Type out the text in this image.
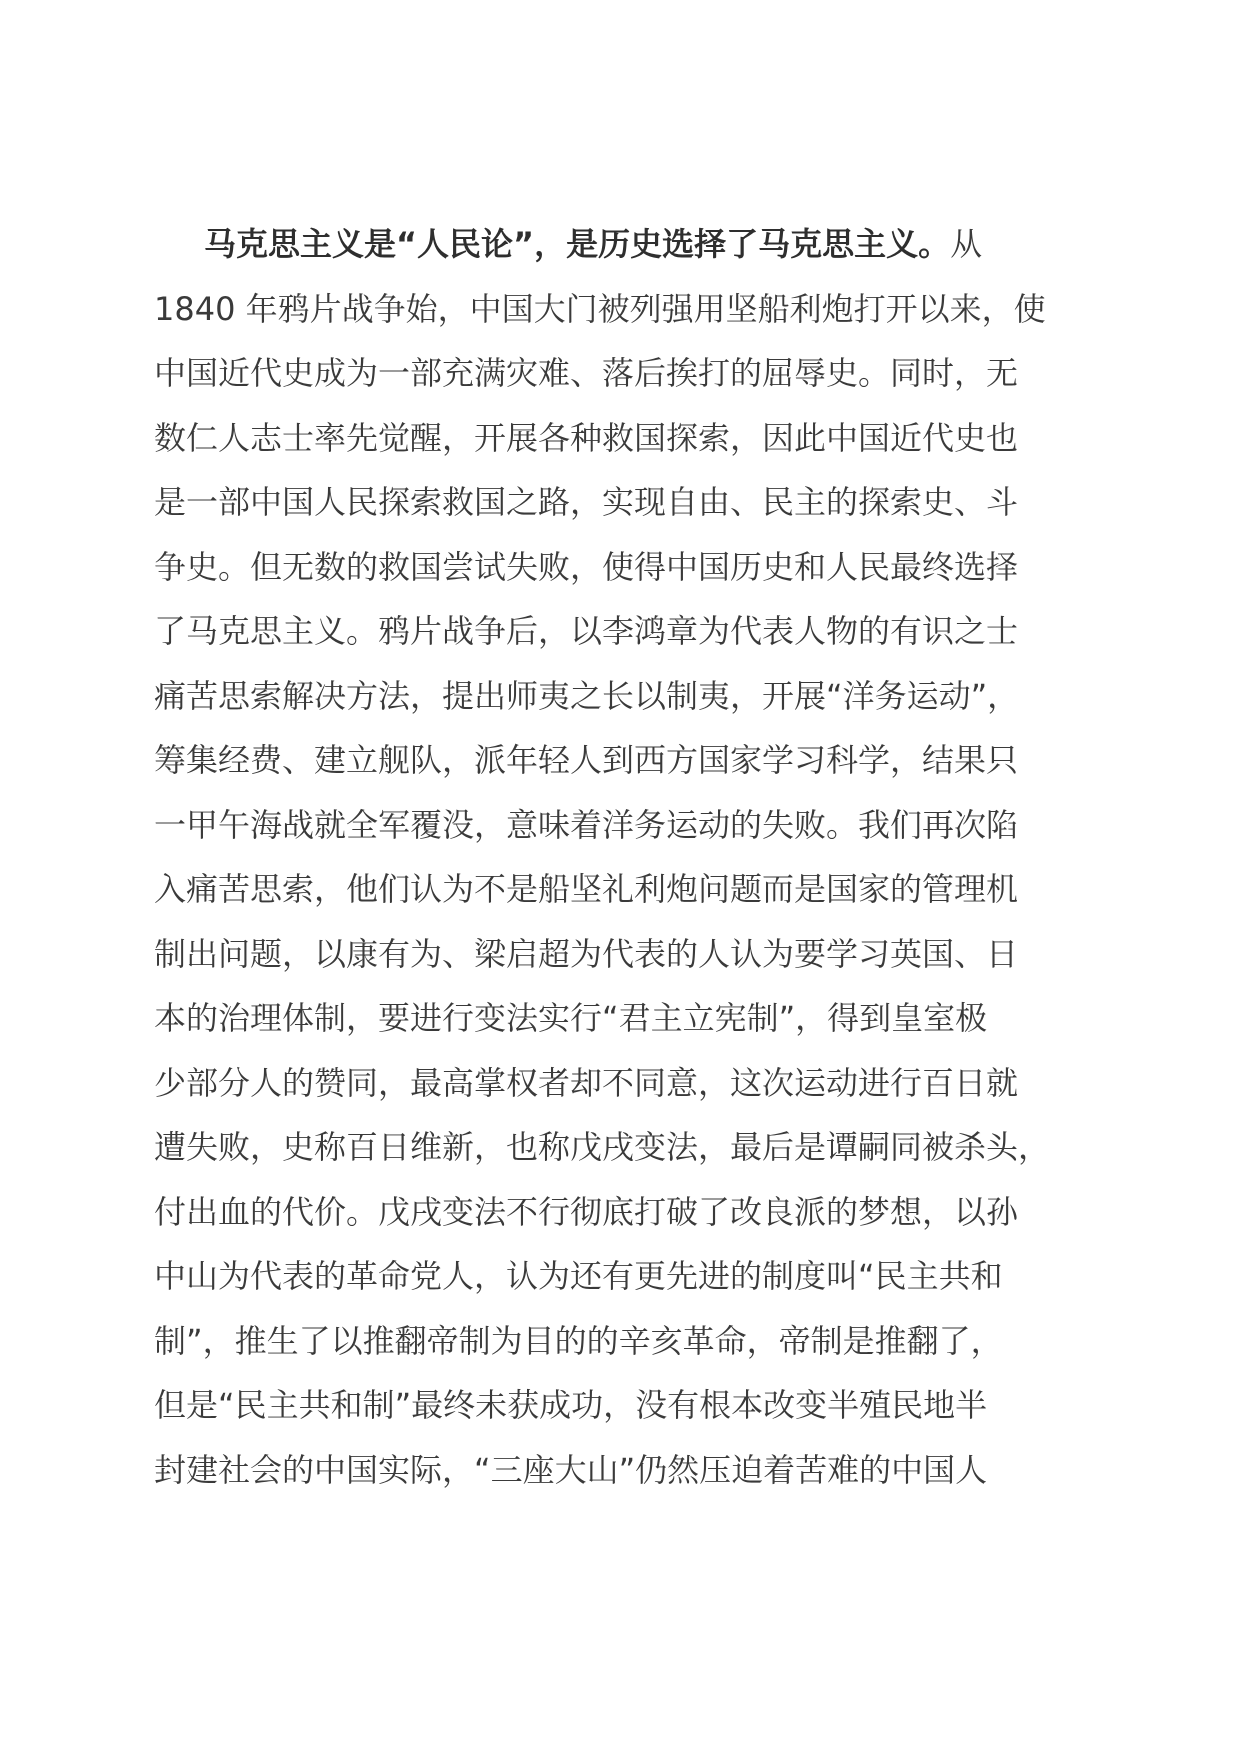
马克思主义是“人民论”，是历史选择了马克思主义。从
1840 年鸦片战争始，中国大门被列强用坚船利炮打开以来，使
中国近代史成为一部充满灾难、落后挨打的屈辱史。同时，无
数仁人志士率先觉醒，开展各种救国探索，因此中国近代史也
是一部中国人民探索救国之路，实现自由、民主的探索史、斗
争史。但无数的救国尝试失败，使得中国历史和人民最终选择
了马克思主义。鸦片战争后，以李鸿章为代表人物的有识之士
痛苦思索解决方法，提出师夷之长以制夷，开展“洋务运动”，
筹集经费、建立舰队，派年轻人到西方国家学习科学，结果只
一甲午海战就全军覆没，意味着洋务运动的失败。我们再次陷
入痛苦思索，他们认为不是船坚礼利炮问题而是国家的管理机
制出问题，以康有为、梁启超为代表的人认为要学习英国、日
本的治理体制，要进行变法实行“君主立宪制”，得到皇室极
少部分人的赞同，最高掌权者却不同意，这次运动进行百日就
遭失败，史称百日维新，也称戊戌变法，最后是谭嗣同被杀头，
付出血的代价。戊戌变法不行彻底打破了改良派的梦想，以孙
中山为代表的革命党人，认为还有更先进的制度叫“民主共和
制”，推生了以推翻帝制为目的的辛亥革命，帝制是推翻了，
但是“民主共和制”最终未获成功，没有根本改变半殖民地半
封建社会的中国实际，“三座大山”仍然压迫着苦难的中国人
